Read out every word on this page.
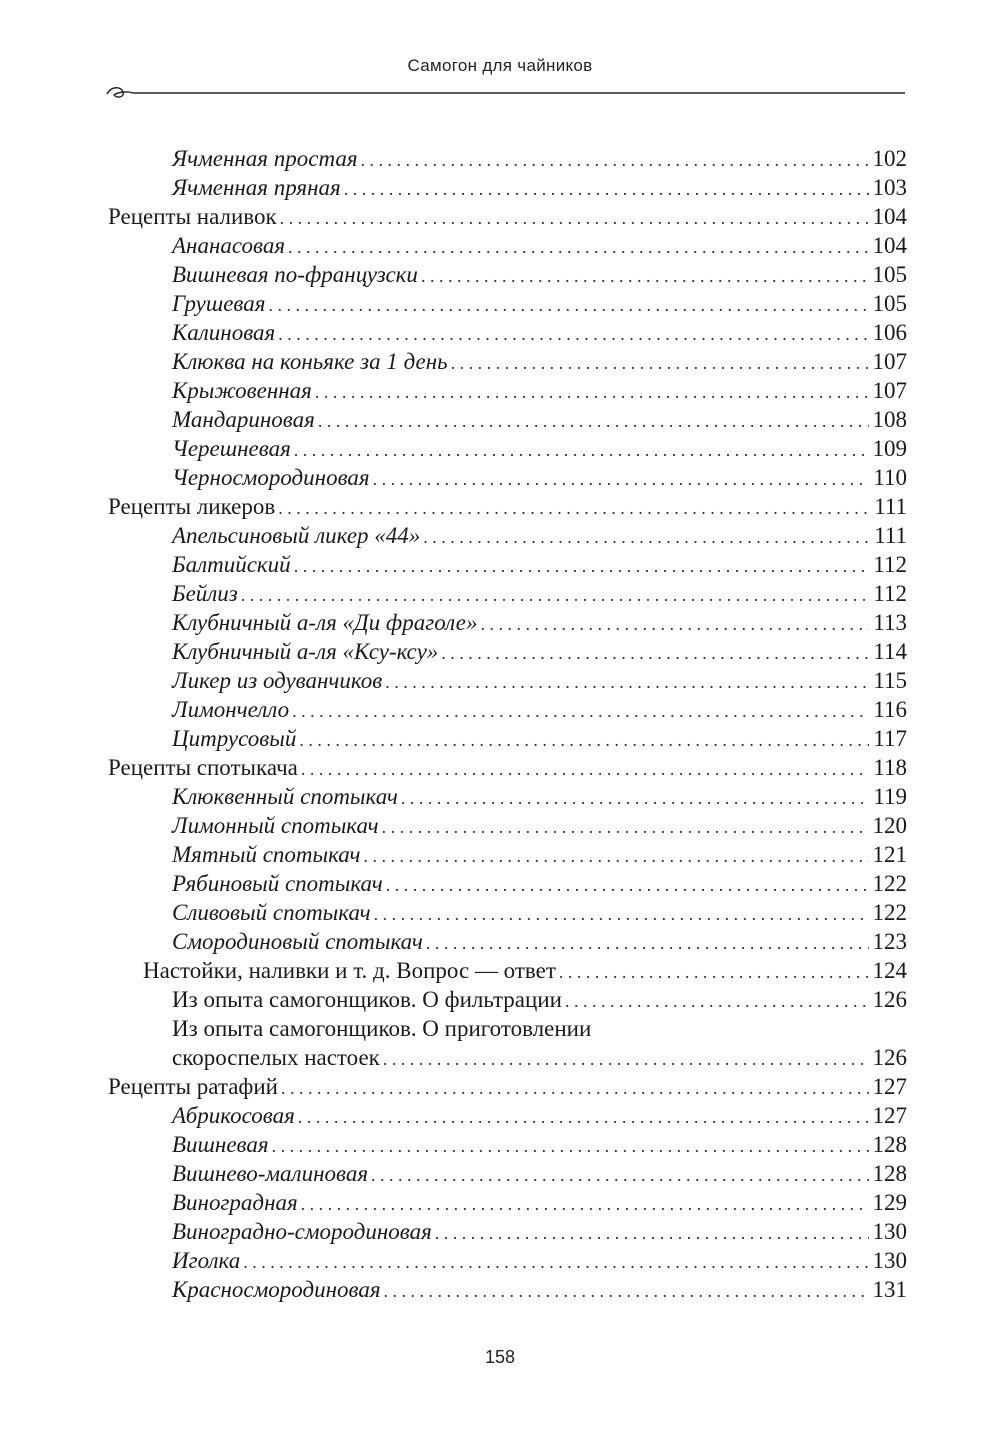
Самогон для чайников
Ячменная простая . . .	102
Ячменная пряная . . .	103
Рецепты наливок . . .	104
Ананасовая . . .	104
Вишневая по-французски . . .	105
Грушевая . . .	105
Калиновая . . .	106
Клюква на коньяке за 1 день . . .	107
Крыжовенная . . .	107
Мандариновая . . .	108
Черешневая . . .	109
Черносмородиновая . . .	110
Рецепты ликеров . . .	111
Апельсиновый ликер «44» . . .	111
Балтийский . . .	112
Бейлиз . . .	112
Клубничный а-ля «Ди фраголе» . . .	113
Клубничный а-ля «Ксу-ксу» . . .	114
Ликер из одуванчиков . . .	115
Лимончелло . . .	116
Цитрусовый . . .	117
Рецепты спотыкача . . .	118
Клюквенный спотыкач . . .	119
Лимонный спотыкач . . .	120
Мятный спотыкач . . .	121
Рябиновый спотыкач . . .	122
Сливовый спотыкач . . .	122
Смородиновый спотыкач . . .	123
Настойки, наливки и т. д. Вопрос — ответ . . .	124
Из опыта самогонщиков. О фильтрации . . .	126
Из опыта самогонщиков. О приготовлении
скороспелых настоек . . .	126
Рецепты ратафий . . .	127
Абрикосовая . . .	127
Вишневая . . .	128
Вишнево-малиновая . . .	128
Виноградная . . .	129
Виноградно-смородиновая . . .	130
Иголка . . .	130
Красносмородиновая . . .	131
158
